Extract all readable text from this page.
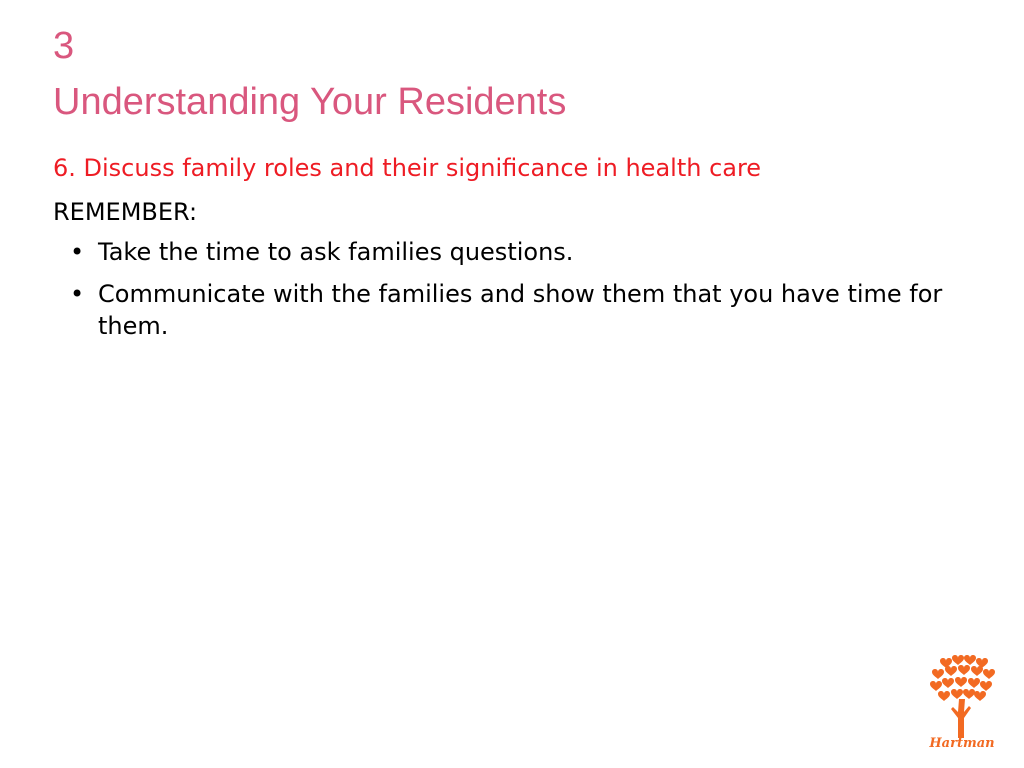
3
Understanding Your Residents
6. Discuss family roles and their significance in health care
REMEMBER:
• Take the time to ask families questions.
• Communicate with the families and show them that you have time for them.
Hartman
